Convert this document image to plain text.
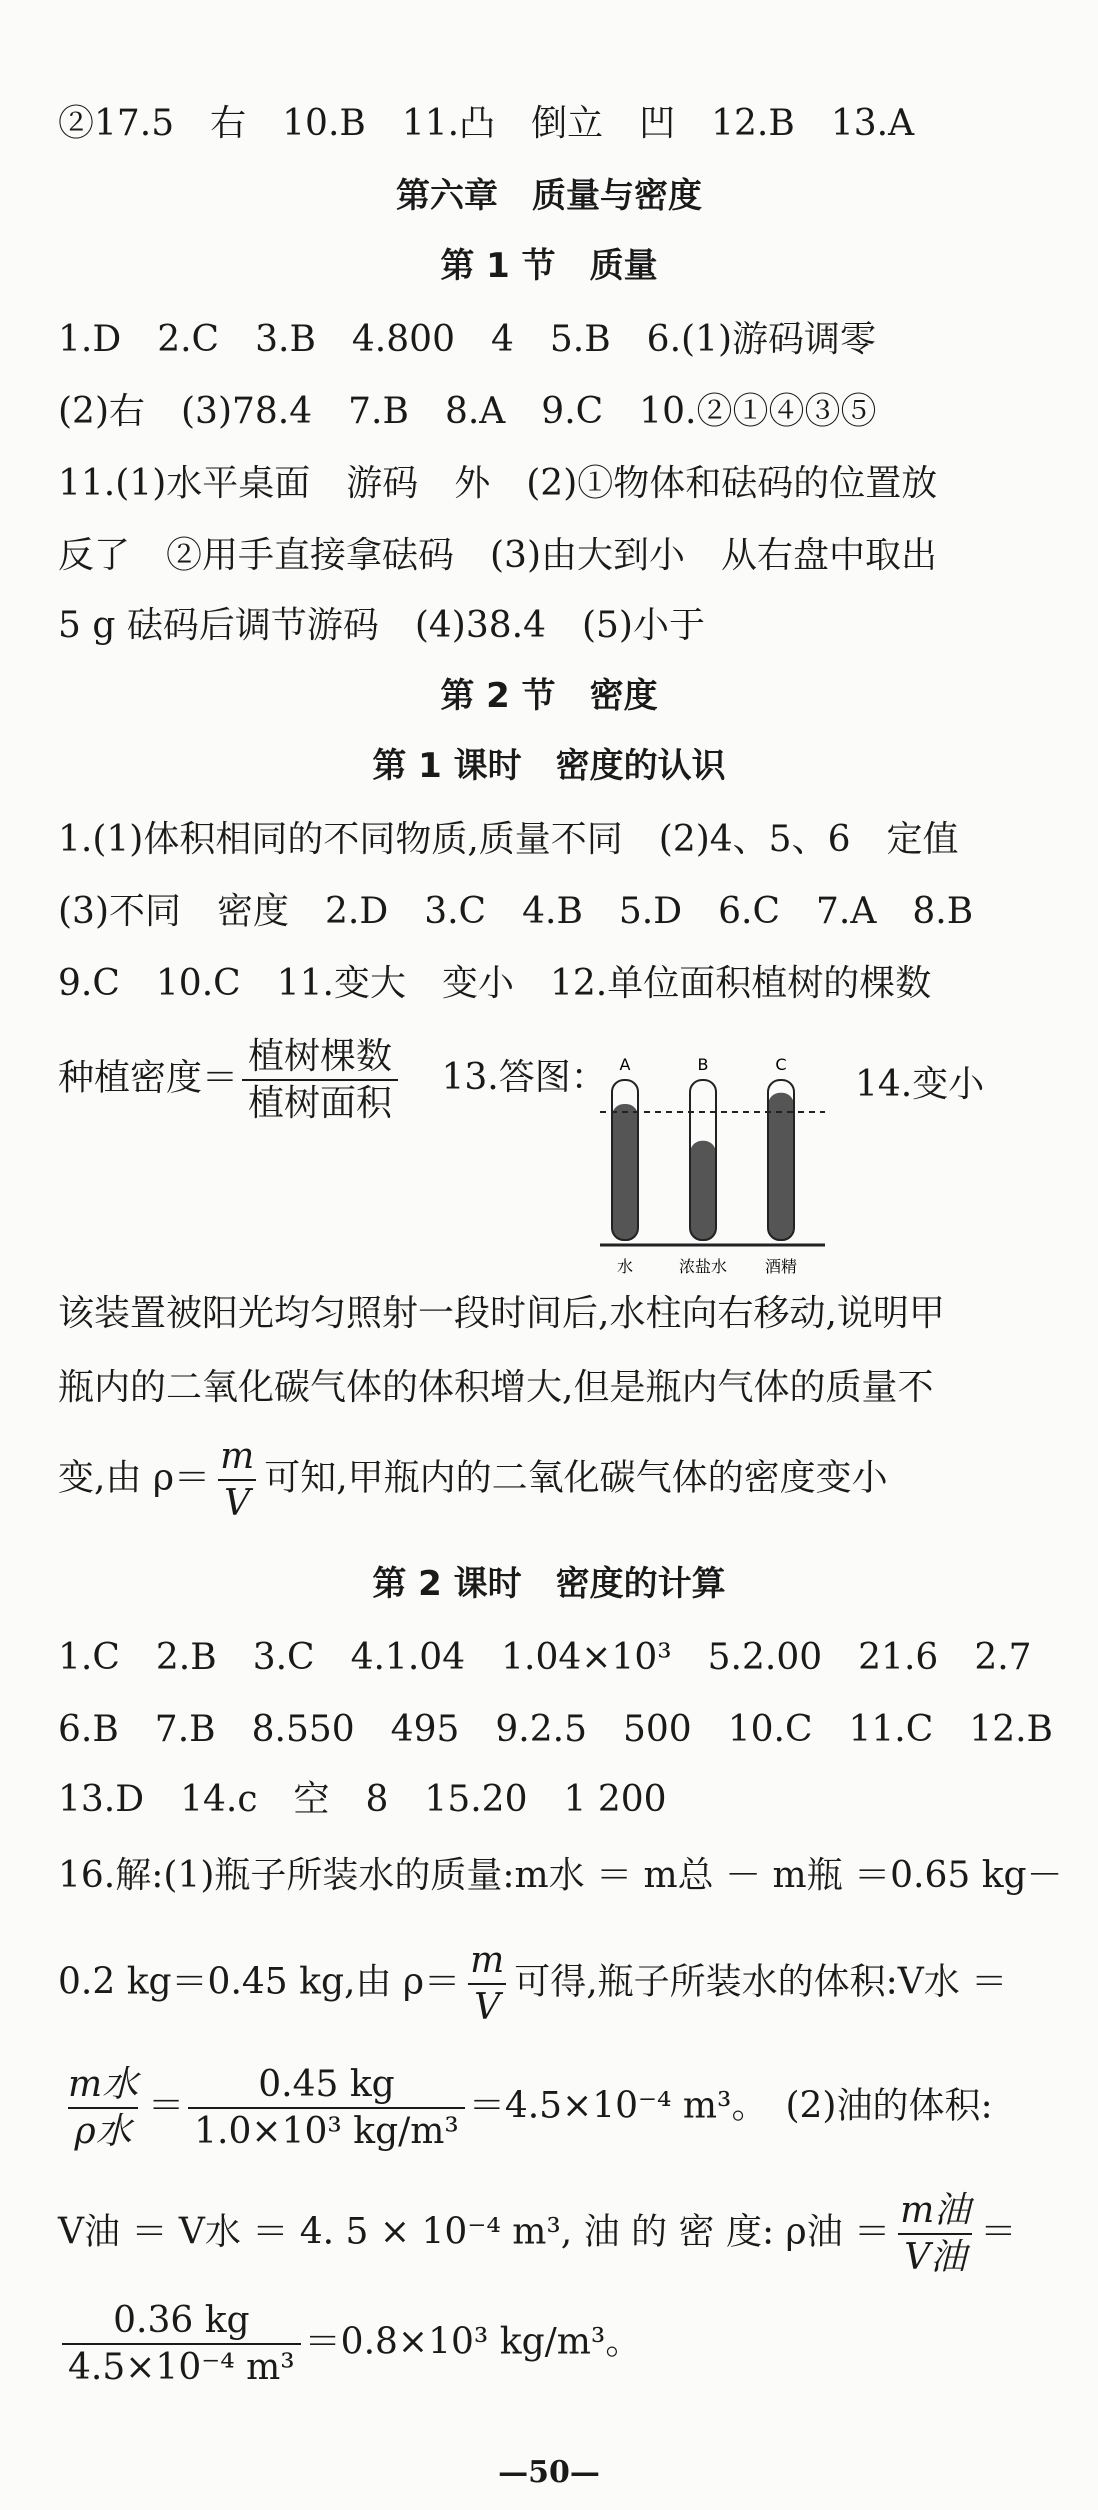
②17.5　右　10.B　11.凸　倒立　凹　12.B　13.A
第六章　质量与密度
第 1 节　质量
1.D　2.C　3.B　4.800　4　5.B　6.(1)游码调零
(2)右　(3)78.4　7.B　8.A　9.C　10.②①④③⑤
11.(1)水平桌面　游码　外　(2)①物体和砝码的位置放
反了　②用手直接拿砝码　(3)由大到小　从右盘中取出
5 g 砝码后调节游码　(4)38.4　(5)小于
第 2 节　密度
第 1 课时　密度的认识
1.(1)体积相同的不同物质,质量不同　(2)4、5、6　定值
(3)不同　密度　2.D　3.C　4.B　5.D　6.C　7.A　8.B
9.C　10.C　11.变大　变小　12.单位面积植树的棵数
种植密度＝ $\frac{\text{植树棵数}}{\text{植树面积}} 13$.答图：	14.变小
A
水
B
浓盐水
C
酒精
该装置被阳光均匀照射一段时间后,水柱向右移动,说明甲
瓶内的二氧化碳气体的体积增大,但是瓶内气体的质量不
变,由 $\rho= \frac{m}{V}$ 可知,甲瓶内的二氧化碳气体的密度变小
第 2 课时　密度的计算
1.C　2.B　3.C　4.1.04　1.04×10³　5.2.00　21.6　2.7
6.B　7.B　8.550　495　9.2.5　500　10.C　11.C　12.B
13.D　14.c　空　8　15.20　1 200
16.解:(1)瓶子所装水的质量:m水 ＝ m总 － m瓶 ＝0.65 kg－
0.2 kg＝0.45 kg,由 $\rho= \frac{m}{V}$ 可得,瓶子所装水的体积:V水 ＝
$\frac{\text{m水}}{\text{ρ水}} = \frac{0.45 kg}{\text{1.0×10³ kg/m³}} =4.5\times 10^{-4}$ m³。　(2)油的体积:
V油 ＝ V水 ＝ 4. 5 × 10⁻⁴ m³, 油 的 密 度: ρ油 ＝ $\frac{\text{m油}}{\text{V油}}$ ＝
$\frac{0.36 kg}{\text{4.5×10⁻⁴ m³}} =0.8\times 10^3$ kg/m³。
—50—
